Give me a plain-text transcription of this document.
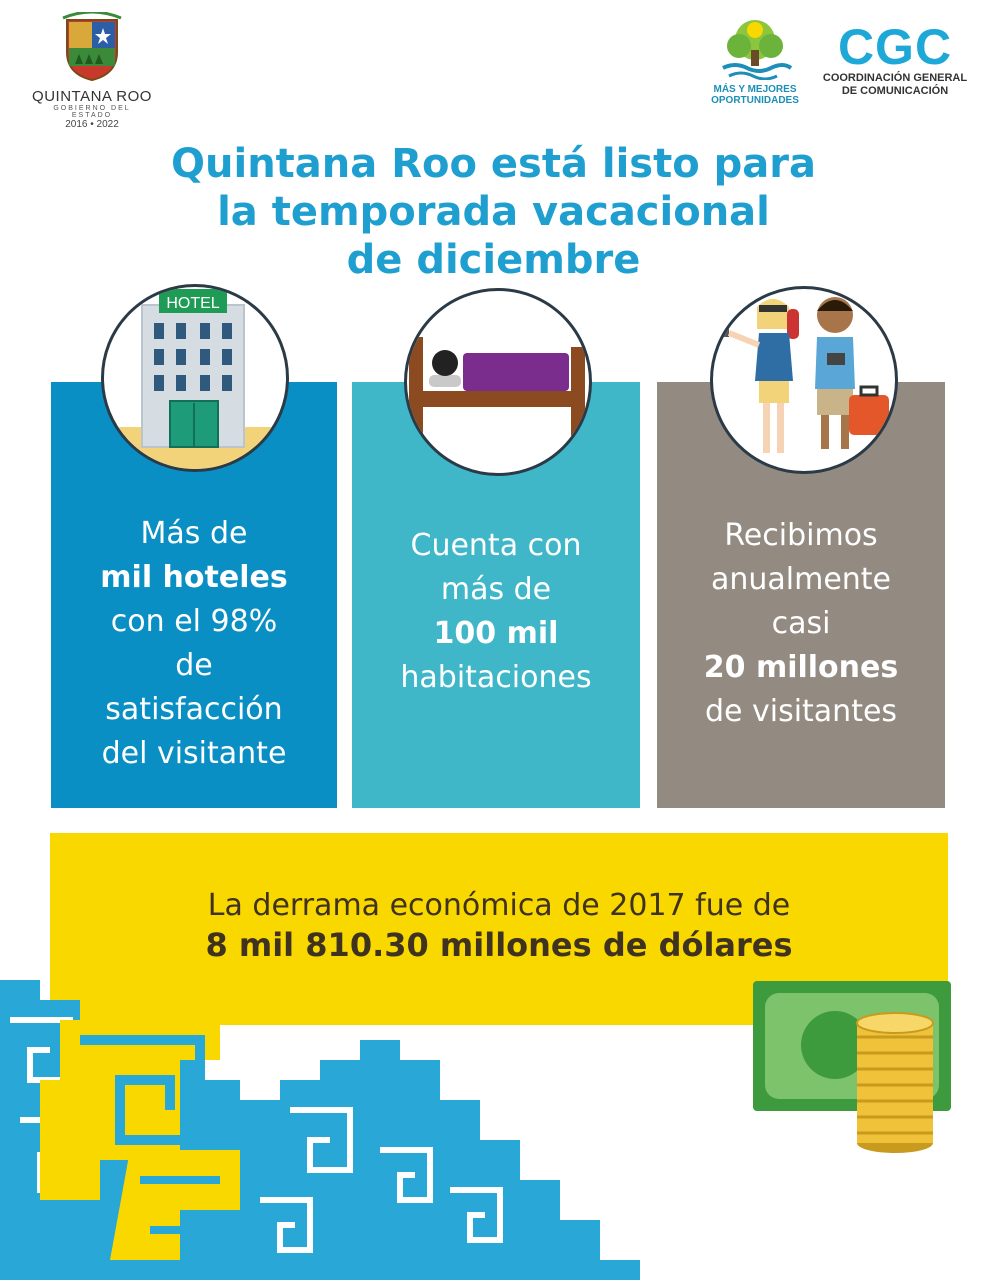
QUINTANA ROO
GOBIERNO DEL ESTADO
2016 • 2022
MÁS Y MEJORES
OPORTUNIDADES
CGC
COORDINACIÓN GENERAL
DE COMUNICACIÓN
Quintana Roo está listo para
la temporada vacacional
de diciembre
Más de
mil hoteles
con el 98%
de
satisfacción
del visitante
Cuenta con
más de
100 mil
habitaciones
Recibimos
anualmente
casi
20 millones
de visitantes
HOTEL
La derrama económica de 2017 fue de
8 mil 810.30 millones de dólares
